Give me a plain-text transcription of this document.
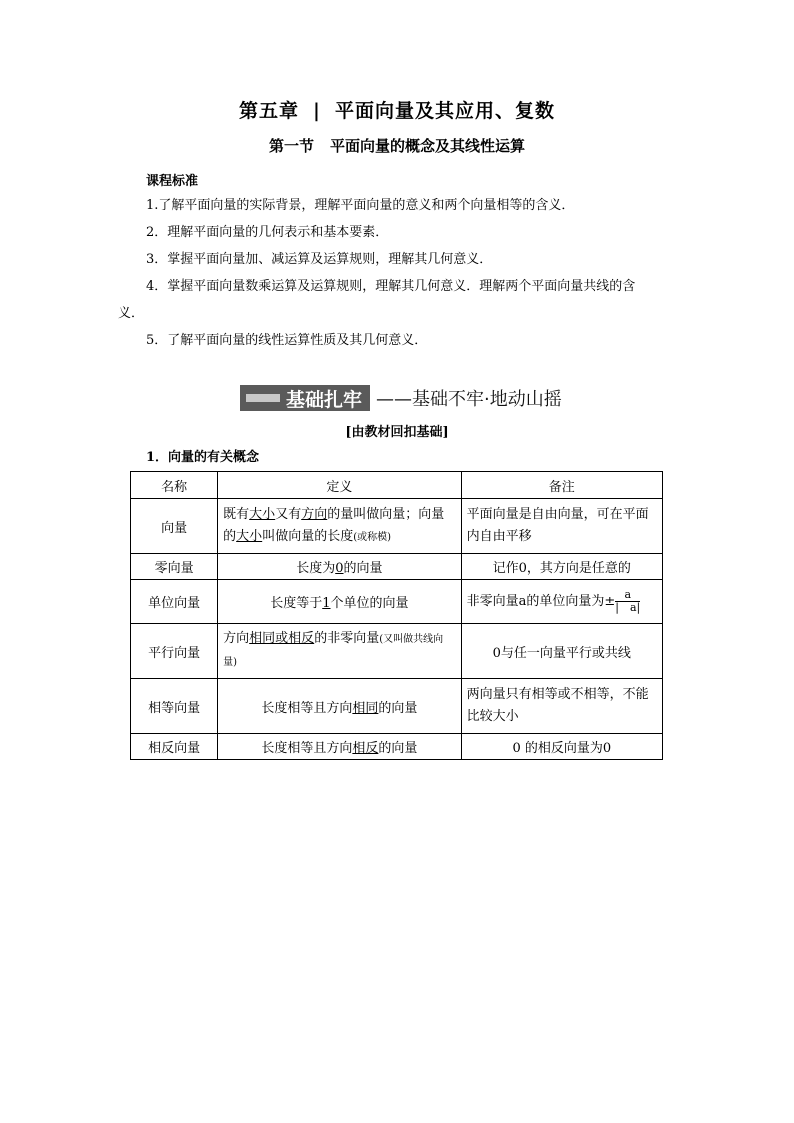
第五章 | 平面向量及其应用、复数
第一节 平面向量的概念及其线性运算
课程标准
1.了解平面向量的实际背景，理解平面向量的意义和两个向量相等的含义．
2．理解平面向量的几何表示和基本要素．
3．掌握平面向量加、减运算及运算规则，理解其几何意义．
4．掌握平面向量数乘运算及运算规则，理解其几何意义．理解两个平面向量共线的含
义．
5．了解平面向量的线性运算性质及其几何意义．
基础扎牢 ——基础不牢·地动山摇
[由教材回扣基础]
1．向量的有关概念
名称	定义	备注
向量	既有大小又有方向的量叫做向量；向量的大小叫做向量的长度(或称模)	平面向量是自由向量，可在平面内自由平移
零向量	长度为0的向量	记作0，其方向是任意的
单位向量	长度等于1个单位的向量	非零向量a的单位向量为± $\frac{a}{| a|}$

平行向量	方向相同或相反的非零向量(又叫做共线向量)	0与任一向量平行或共线
相等向量	长度相等且方向相同的向量	两向量只有相等或不相等，不能比较大小
相反向量	长度相等且方向相反的向量	0 的相反向量为0
